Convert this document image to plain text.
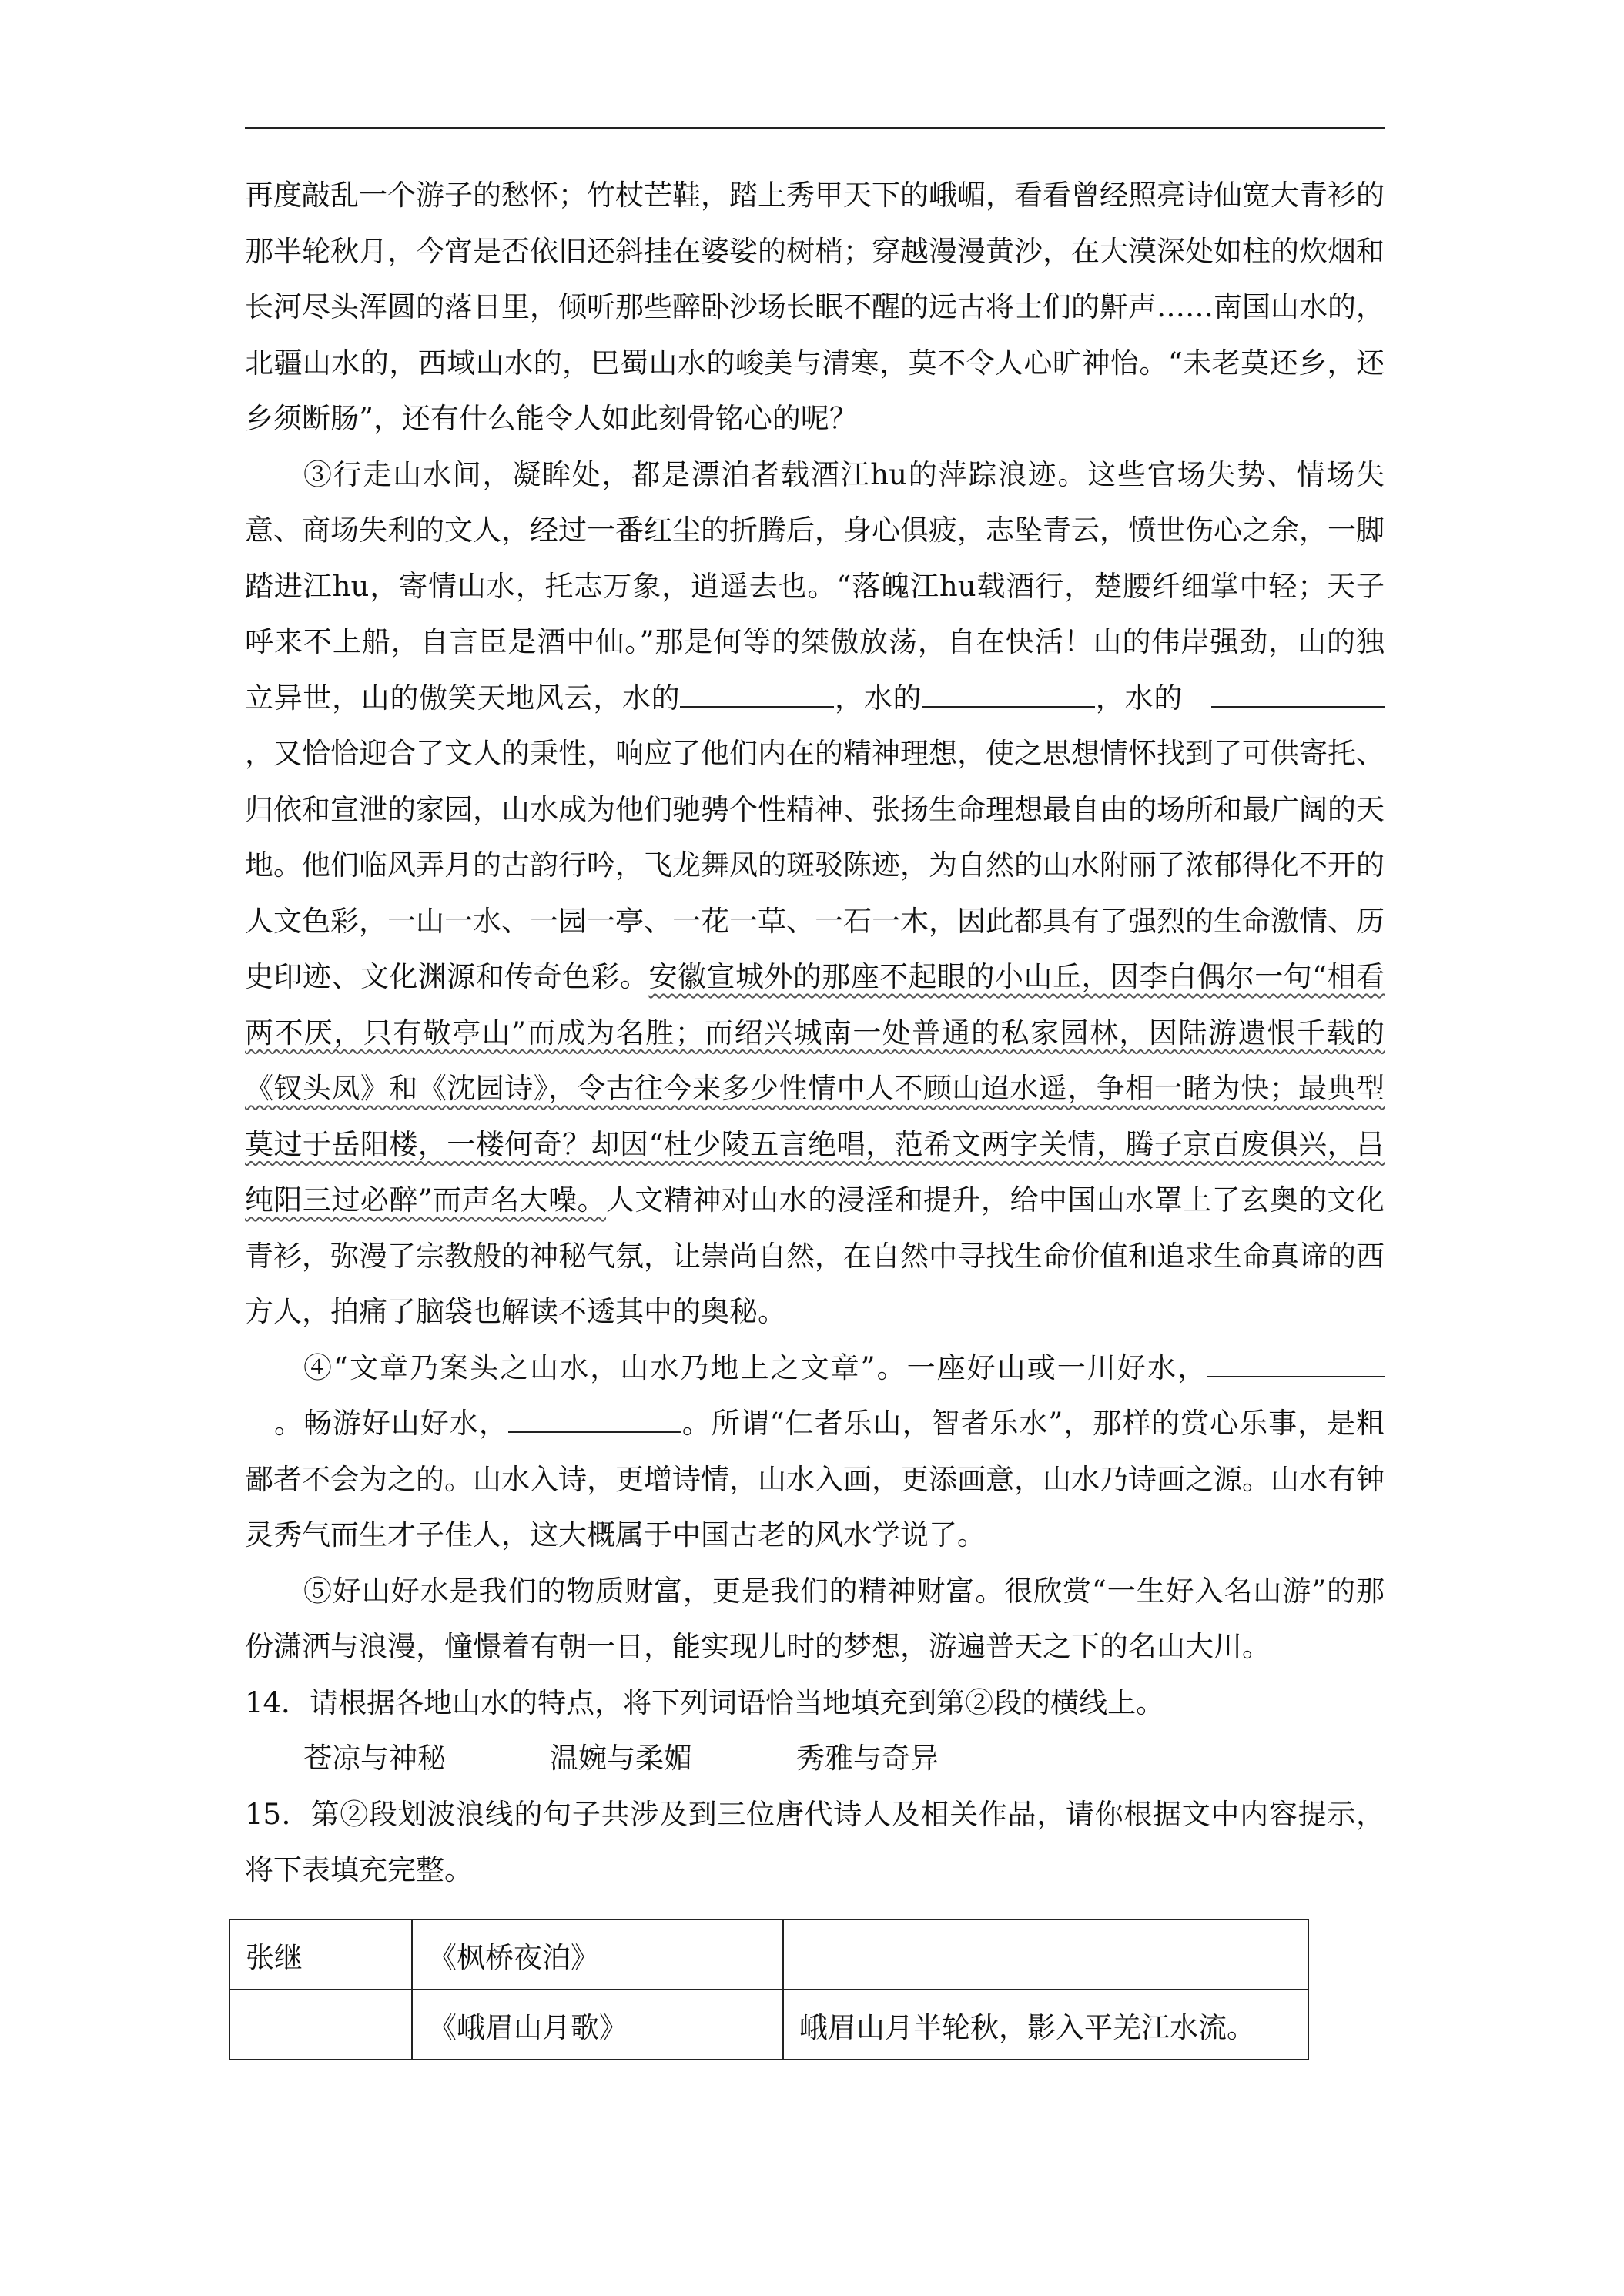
再度敲乱一个游子的愁怀；竹杖芒鞋，踏上秀甲天下的峨嵋，看看曾经照亮诗仙宽大青衫的那半轮秋月，今宵是否依旧还斜挂在婆娑的树梢；穿越漫漫黄沙，在大漠深处如柱的炊烟和长河尽头浑圆的落日里，倾听那些醉卧沙场长眠不醒的远古将士们的鼾声……南国山水的，北疆山水的，西域山水的，巴蜀山水的峻美与清寒，莫不令人心旷神怡。“未老莫还乡，还乡须断肠”，还有什么能令人如此刻骨铭心的呢？

③行走山水间，凝眸处，都是漂泊者载酒江hu的萍踪浪迹。这些官场失势、情场失意、商场失利的文人，经过一番红尘的折腾后，身心俱疲，志坠青云，愤世伤心之余，一脚踏进江hu，寄情山水，托志万象，逍遥去也。“落魄江hu载酒行，楚腰纤细掌中轻；天子呼来不上船，自言臣是酒中仙。”那是何等的桀傲放荡，自在快活！山的伟岸强劲，山的独立异世，山的傲笑天地风云，水的	，水的	，水的 ，又恰恰迎合了文人的秉性，响应了他们内在的精神理想，使之思想情怀找到了可供寄托、归依和宣泄的家园，山水成为他们驰骋个性精神、张扬生命理想最自由的场所和最广阔的天地。他们临风弄月的古韵行吟，飞龙舞凤的斑驳陈迹，为自然的山水附丽了浓郁得化不开的人文色彩，一山一水、一园一亭、一花一草、一石一木，因此都具有了强烈的生命激情、历史印迹、文化渊源和传奇色彩。安徽宣城外的那座不起眼的小山丘，因李白偶尔一句“相看两不厌，只有敬亭山”而成为名胜；而绍兴城南一处普通的私家园林，因陆游遗恨千载的《钗头凤》和《沈园诗》，令古往今来多少性情中人不顾山迢水遥，争相一睹为快；最典型莫过于岳阳楼，一楼何奇？却因“杜少陵五言绝唱，范希文两字关情，腾子京百废俱兴，吕纯阳三过必醉”而声名大噪。人文精神对山水的浸淫和提升，给中国山水罩上了玄奥的文化青衫，弥漫了宗教般的神秘气氛，让崇尚自然，在自然中寻找生命价值和追求生命真谛的西方人，拍痛了脑袋也解读不透其中的奥秘。

④“文章乃案头之山水，山水乃地上之文章”。一座好山或一川好水， 。畅游好山好水，	。所谓“仁者乐山，智者乐水”，那样的赏心乐事，是粗鄙者不会为之的。山水入诗，更增诗情，山水入画，更添画意，山水乃诗画之源。山水有钟灵秀气而生才子佳人，这大概属于中国古老的风水学说了。

⑤好山好水是我们的物质财富，更是我们的精神财富。很欣赏“一生好入名山游”的那份潇洒与浪漫，憧憬着有朝一日，能实现儿时的梦想，游遍普天之下的名山大川。

14．请根据各地山水的特点，将下列词语恰当地填充到第②段的横线上。

苍凉与神秘	温婉与柔媚	秀雅与奇异

15．第②段划波浪线的句子共涉及到三位唐代诗人及相关作品，请你根据文中内容提示，将下表填充完整。

张继	《枫桥夜泊》	
	《峨眉山月歌》	峨眉山月半轮秋，影入平羌江水流。
